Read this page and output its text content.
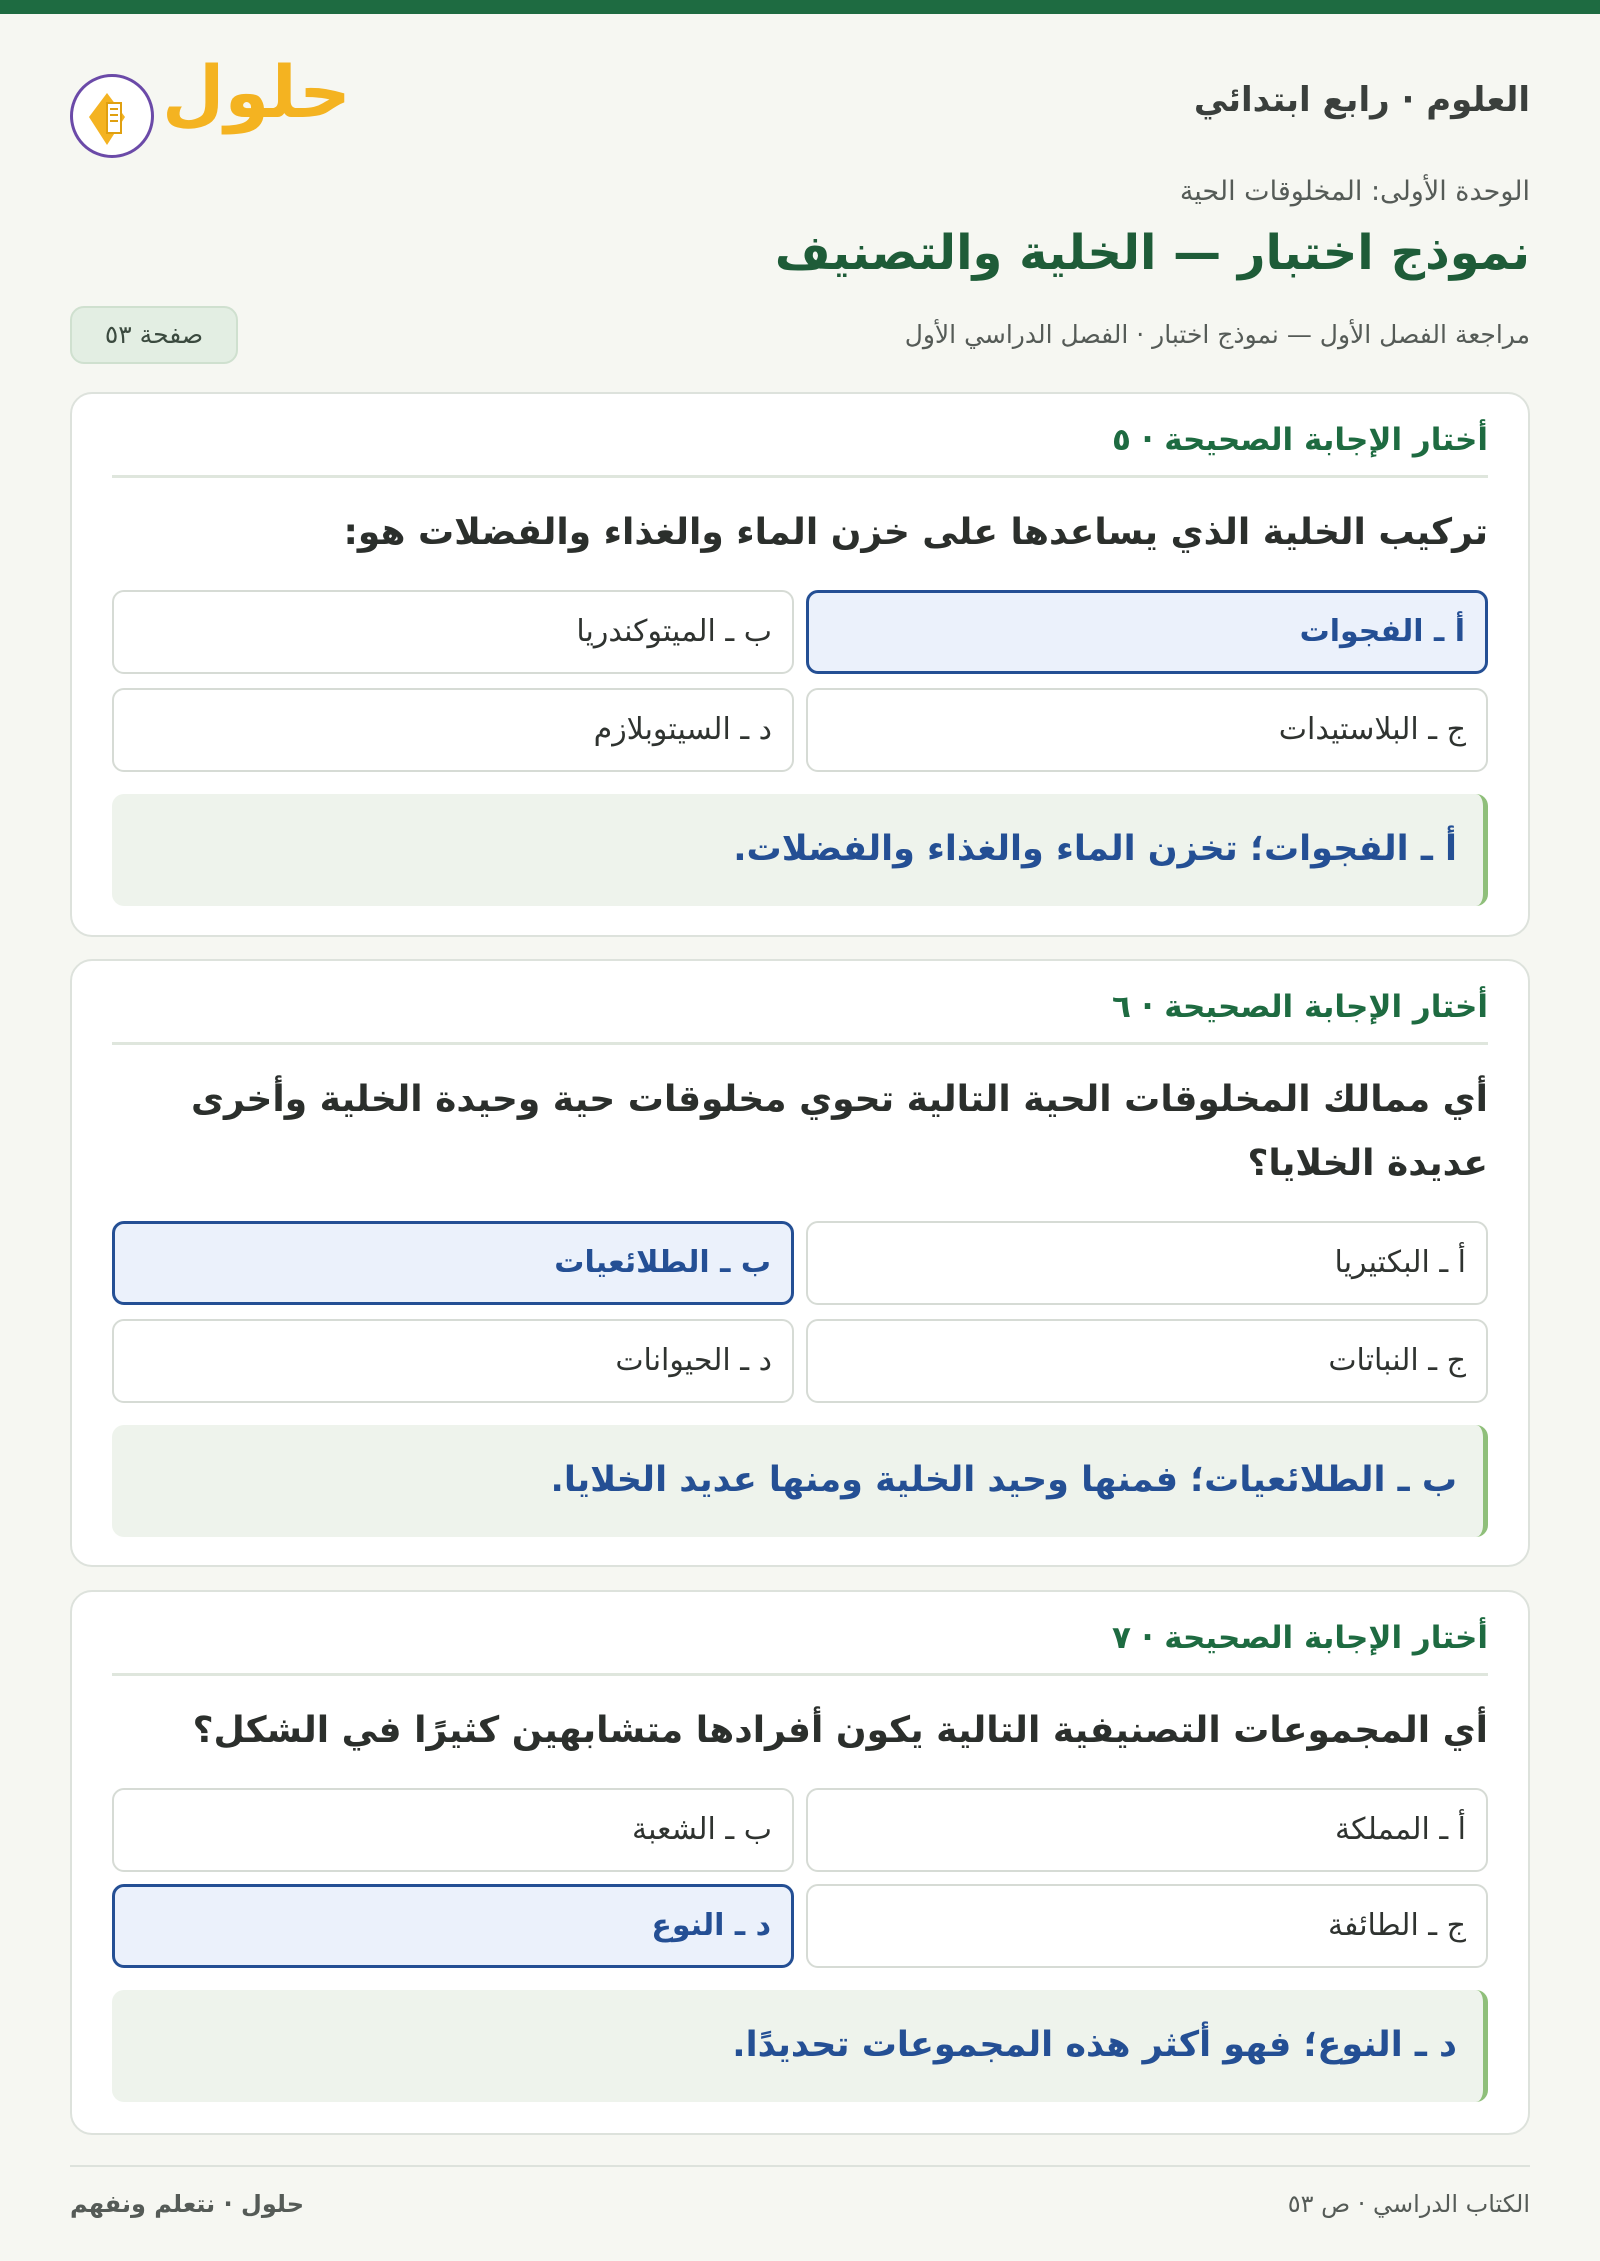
العلوم · رابع ابتدائي
حلول
الوحدة الأولى: المخلوقات الحية
نموذج اختبار — الخلية والتصنيف
مراجعة الفصل الأول — نموذج اختبار · الفصل الدراسي الأول
صفحة ٥٣
أختار الإجابة الصحيحة · ٥
تركيب الخلية الذي يساعدها على خزن الماء والغذاء والفضلات هو:
أ ـ الفجوات
ب ـ الميتوكندريا
ج ـ البلاستيدات
د ـ السيتوبلازم
أ ـ الفجوات؛ تخزن الماء والغذاء والفضلات.
أختار الإجابة الصحيحة · ٦
أي ممالك المخلوقات الحية التالية تحوي مخلوقات حية وحيدة الخلية وأخرى
عديدة الخلايا؟
أ ـ البكتيريا
ب ـ الطلائعيات
ج ـ النباتات
د ـ الحيوانات
ب ـ الطلائعيات؛ فمنها وحيد الخلية ومنها عديد الخلايا.
أختار الإجابة الصحيحة · ٧
أي المجموعات التصنيفية التالية يكون أفرادها متشابهين كثيرًا في الشكل؟
أ ـ المملكة
ب ـ الشعبة
ج ـ الطائفة
د ـ النوع
د ـ النوع؛ فهو أكثر هذه المجموعات تحديدًا.
الكتاب الدراسي · ص ٥٣
حلول · نتعلم ونفهم
